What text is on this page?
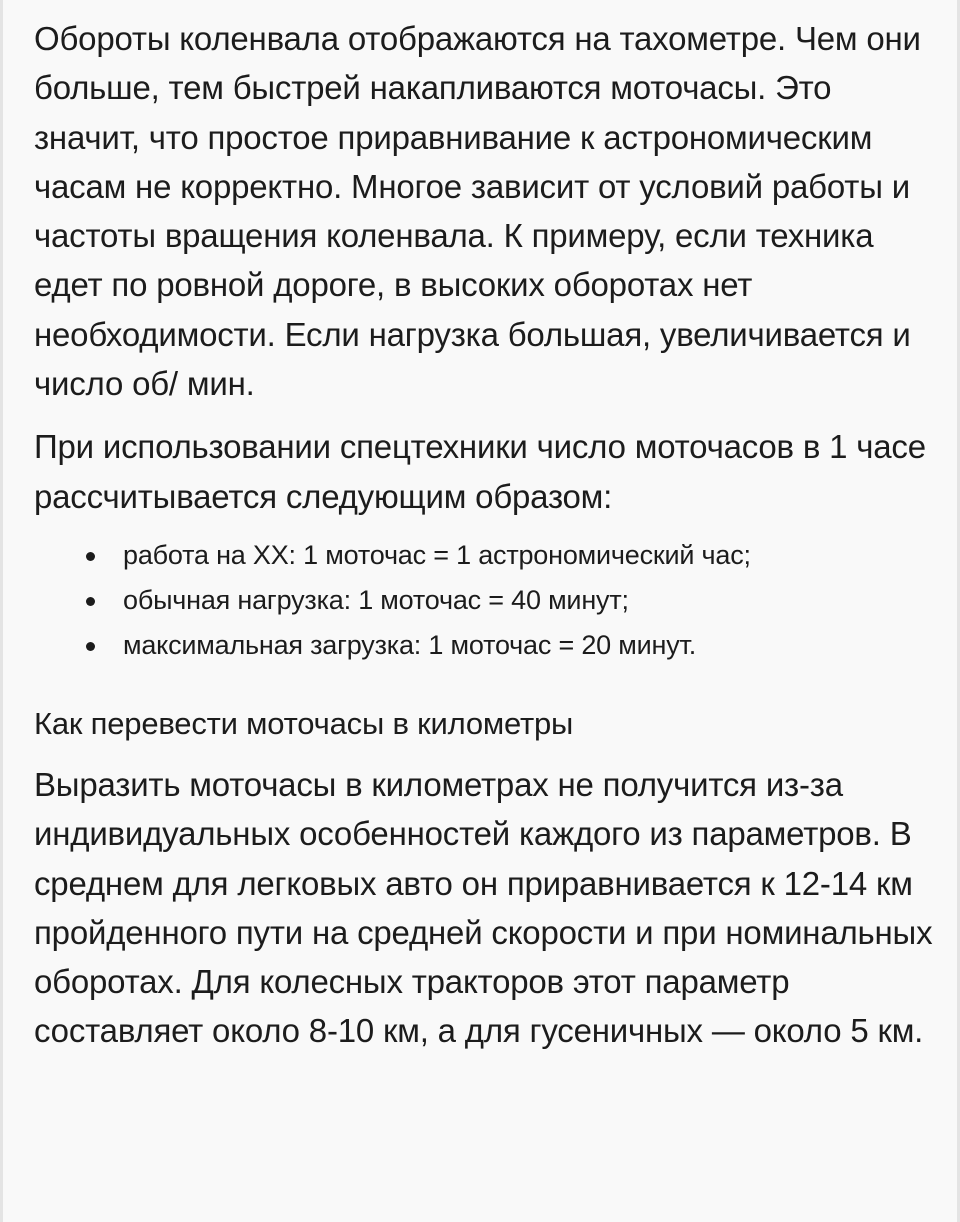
Обороты коленвала отображаются на тахометре. Чем они больше, тем быстрей накапливаются моточасы. Это значит, что простое приравнивание к астрономическим часам не корректно. Многое зависит от условий работы и частоты вращения коленвала. К примеру, если техника едет по ровной дороге, в высоких оборотах нет необходимости. Если нагрузка большая, увеличивается и число об/ мин.

При использовании спецтехники число моточасов в 1 часе рассчитывается следующим образом:

работа на ХХ: 1 моточас = 1 астрономический час;
обычная нагрузка: 1 моточас = 40 минут;
максимальная загрузка: 1 моточас = 20 минут.
Как перевести моточасы в километры

Выразить моточасы в километрах не получится из-за индивидуальных особенностей каждого из параметров. В среднем для легковых авто он приравнивается к 12-14 км пройденного пути на средней скорости и при номинальных оборотах. Для колесных тракторов этот параметр составляет около 8-10 км, а для гусеничных — около 5 км.
